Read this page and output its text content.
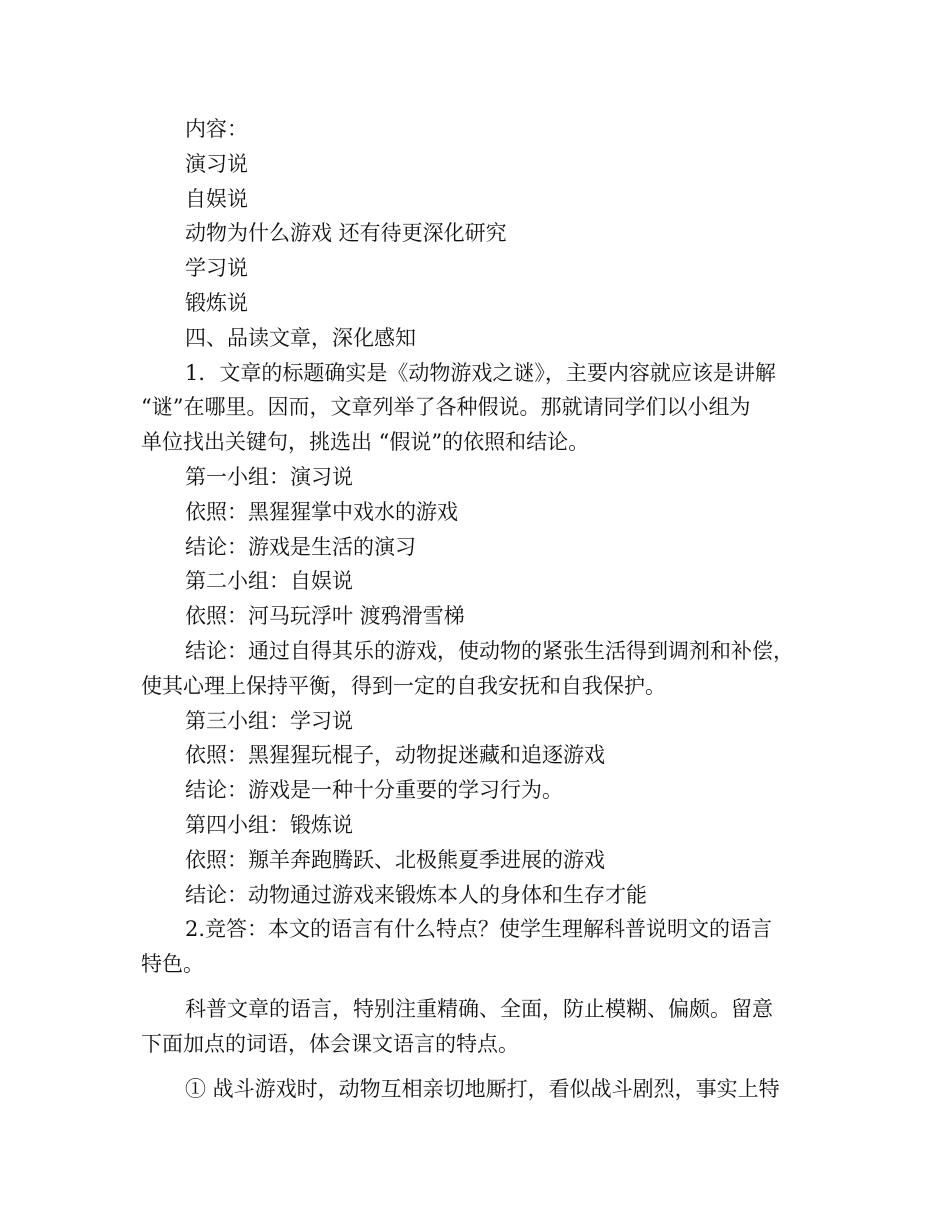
内容：
演习说
自娱说
动物为什么游戏 还有待更深化研究
学习说
锻炼说
四、品读文章，深化感知
1．文章的标题确实是《动物游戏之谜》，主要内容就应该是讲解
“谜”在哪里。因而，文章列举了各种假说。那就请同学们以小组为
单位找出关键句，挑选出 “假说”的依照和结论。
第一小组：演习说
依照：黑猩猩掌中戏水的游戏
结论：游戏是生活的演习
第二小组：自娱说
依照：河马玩浮叶 渡鸦滑雪梯
结论：通过自得其乐的游戏，使动物的紧张生活得到调剂和补偿，
使其心理上保持平衡，得到一定的自我安抚和自我保护。
第三小组：学习说
依照：黑猩猩玩棍子，动物捉迷藏和追逐游戏
结论：游戏是一种十分重要的学习行为。
第四小组：锻炼说
依照：羱羊奔跑腾跃、北极熊夏季进展的游戏
结论：动物通过游戏来锻炼本人的身体和生存才能
2.竞答：本文的语言有什么特点？使学生理解科普说明文的语言
特色。
科普文章的语言，特别注重精确、全面，防止模糊、偏颇。留意
下面加点的词语，体会课文语言的特点。
① 战斗游戏时，动物互相亲切地厮打，看似战斗剧烈，事实上特
